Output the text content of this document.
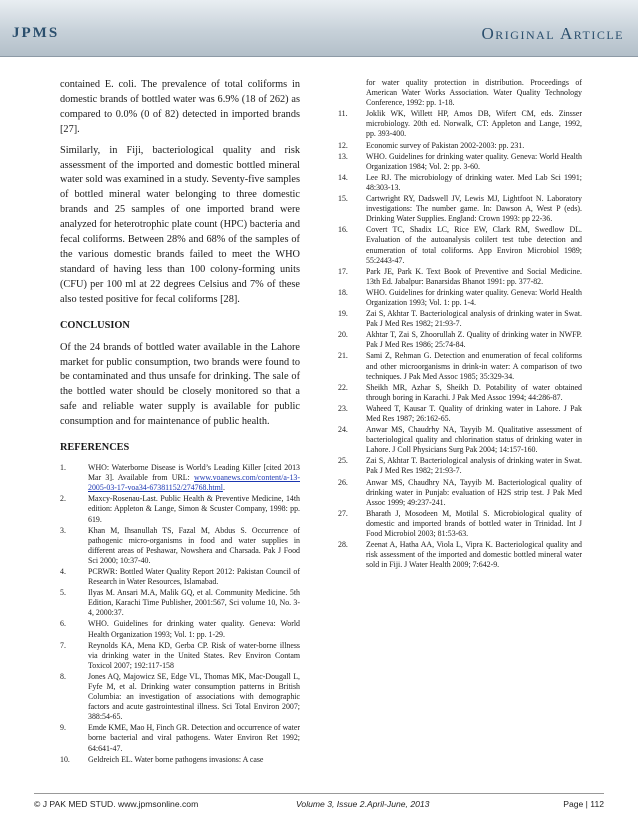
JPMS	Original Article

contained E. coli. The prevalence of total coliforms in domestic brands of bottled water was 6.9% (18 of 262) as compared to 0.0% (0 of 82) detected in imported brands [27].

Similarly, in Fiji, bacteriological quality and risk assessment of the imported and domestic bottled mineral water sold was examined in a study. Seventy-five samples of bottled mineral water belonging to three domestic brands and 25 samples of one imported brand were analyzed for heterotrophic plate count (HPC) bacteria and fecal coliforms. Between 28% and 68% of the samples of the various domestic brands failed to meet the WHO standard of having less than 100 colony-forming units (CFU) per 100 ml at 22 degrees Celsius and 7% of these also tested positive for fecal coliforms [28].

CONCLUSION

Of the 24 brands of bottled water available in the Lahore market for public consumption, two brands were found to be contaminated and thus unsafe for drinking. The sale of the bottled water should be closely monitored so that a safe and reliable water supply is available for public consumption and for maintenance of public health.

REFERENCES
1.	WHO: Waterborne Disease is World’s Leading Killer [cited 2013 Mar 3]. Available from URL: www.voanews.com/content/a-13-2005-03-17-voa34-67381152/274768.html.
2.	Maxcy-Rosenau-Last. Public Health & Preventive Medicine, 14th edition: Appleton & Lange, Simon & Scuster Company, 1998: pp. 619.
3.	Khan M, Ihsanullah TS, Fazal M, Abdus S. Occurrence of pathogenic micro-organisms in food and water supplies in different areas of Peshawar, Nowshera and Charsada. Pak J Food Sci 2000; 10:37-40.
4.	PCRWR: Bottled Water Quality Report 2012: Pakistan Council of Research in Water Resources, Islamabad.
5.	Ilyas M. Ansari M.A, Malik GQ, et al. Community Medicine. 5th Edition, Karachi Time Publisher, 2001:567, Sci volume 10, No. 3-4, 2000:37.
6.	WHO. Guidelines for drinking water quality. Geneva: World Health Organization 1993; Vol. 1: pp. 1-29.
7.	Reynolds KA, Mena KD, Gerba CP. Risk of water-borne illness via drinking water in the United States. Rev Environ Contam Toxicol 2007; 192:117-158
8.	Jones AQ, Majowicz SE, Edge VL, Thomas MK, Mac-Dougall L, Fyfe M, et al. Drinking water consumption patterns in British Columbia: an investigation of associations with demographic factors and acute gastrointestinal illness. Sci Total Environ 2007; 388:54-65.
9.	Emde KME, Mao H, Finch GR. Detection and occurrence of water borne bacterial and viral pathogens. Water Environ Ret 1992; 64:641-47.
10.	Geldreich EL. Water borne pathogens invasions: A case
for water quality protection in distribution. Proceedings of American Water Works Association. Water Quality Technology Conference, 1992: pp. 1-18.
11.	Joklik WK, Willett HP, Amos DB, Wifert CM, eds. Zinsser microbiology. 20th ed. Norwalk, CT: Appleton and Lange, 1992, pp. 393-400.
12.	Economic survey of Pakistan 2002-2003: pp. 231.
13.	WHO. Guidelines for drinking water quality. Geneva: World Health Organization 1984; Vol. 2: pp. 3-60.
14.	Lee RJ. The microbiology of drinking water. Med Lab Sci 1991; 48:303-13.
15.	Cartwright RY, Dadswell JV, Lewis MJ, Lightfoot N. Laboratory investigations: The number game. In: Dawson A, West P (eds). Drinking Water Supplies. England: Crown 1993: pp 22-36.
16.	Covert TC, Shadix LC, Rice EW, Clark RM, Swedlow DL. Evaluation of the autoanalysis colilert test tube detection and enumeration of total coliforms. App Environ Microbiol 1989; 55:2443-47.
17.	Park JE, Park K. Text Book of Preventive and Social Medicine. 13th Ed. Jabalpur: Banarsidas Bhanot 1991: pp. 377-82.
18.	WHO. Guidelines for drinking water quality. Geneva: World Health Organization 1993; Vol. 1: pp. 1-4.
19.	Zai S, Akhtar T. Bacteriological analysis of drinking water in Swat. Pak J Med Res 1982; 21:93-7.
20.	Akhtar T, Zai S, Zhoorullah Z. Quality of drinking water in NWFP. Pak J Med Res 1986; 25:74-84.
21.	Sami Z, Rehman G. Detection and enumeration of fecal coliforms and other microorganisms in drink-in water: A comparison of two techniques. J Pak Med Assoc 1985; 35:329-34.
22.	Sheikh MR, Azhar S, Sheikh D. Potability of water obtained through boring in Karachi. J Pak Med Assoc 1994; 44:286-87.
23.	Waheed T, Kausar T. Quality of drinking water in Lahore. J Pak Med Res 1987; 26:162-65.
24.	Anwar MS, Chaudrhy NA, Tayyib M. Qualitative assessment of bacteriological quality and chlorination status of drinking water in Lahore. J Coll Physicians Surg Pak 2004; 14:157-160.
25.	Zai S, Akhtar T. Bacteriological analysis of drinking water in Swat. Pak J Med Res 1982; 21:93-7.
26.	Anwar MS, Chaudhry NA, Tayyib M. Bacteriological quality of drinking water in Punjab: evaluation of H2S strip test. J Pak Med Assoc 1999; 49:237-241.
27.	Bharath J, Mosodeen M, Motilal S. Microbiological quality of domestic and imported brands of bottled water in Trinidad. Int J Food Microbiol 2003; 81:53-63.
28.	Zeenat A, Hatha AA, Viola L, Vipra K. Bacteriological quality and risk assessment of the imported and domestic bottled mineral water sold in Fiji. J Water Health 2009; 7:642-9.
© J PAK MED STUD. www.jpmsonline.com	Volume 3, Issue 2.April-June, 2013	Page | 112
